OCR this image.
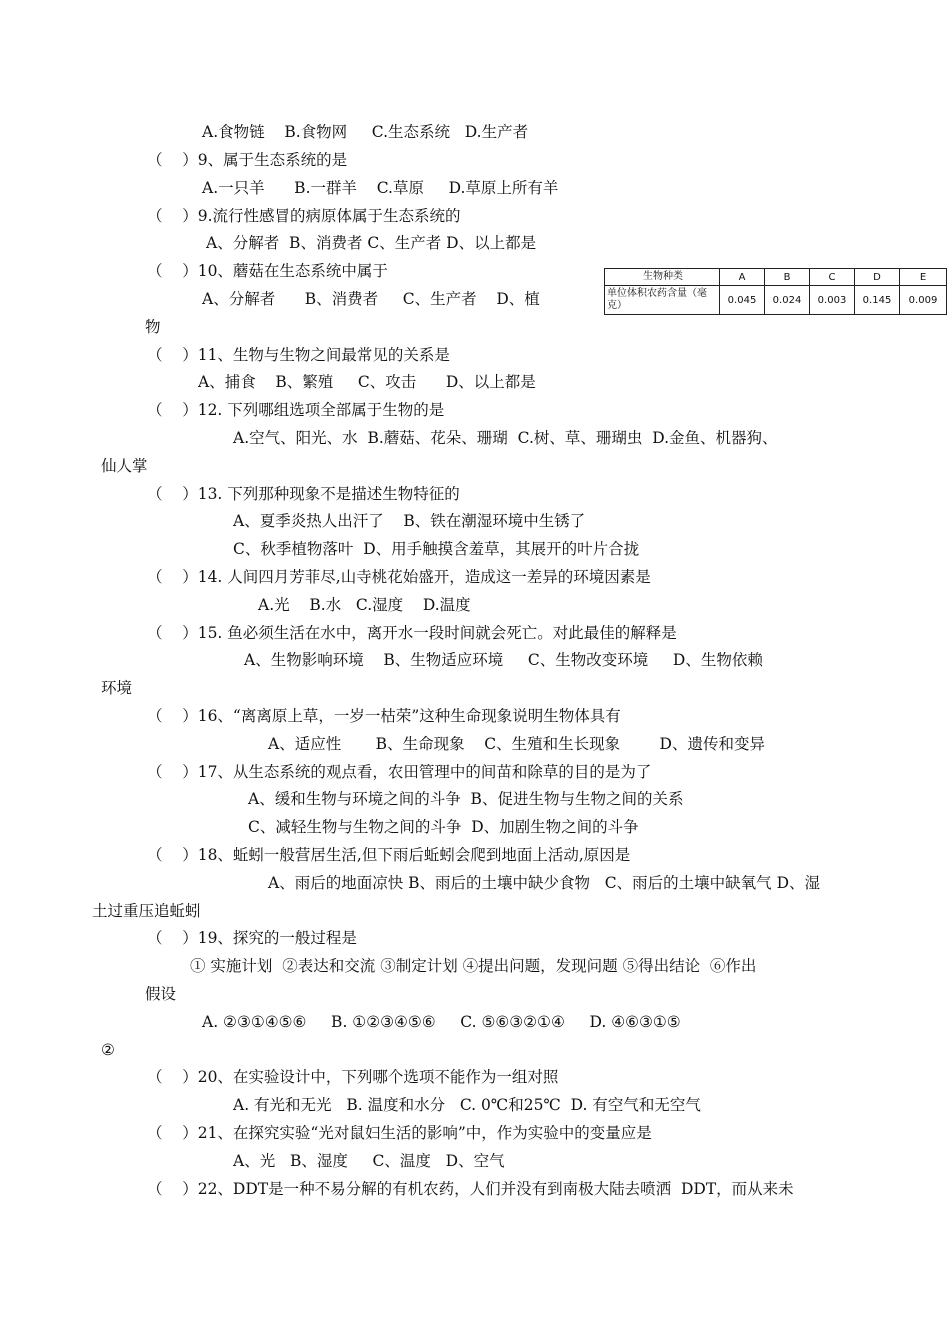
A.食物链    B.食物网     C.生态系统   D.生产者
（    ）9、属于生态系统的是
A.一只羊      B.一群羊    C.草原     D.草原上所有羊
（    ）9.流行性感冒的病原体属于生态系统的
A、分解者  B、消费者 C、生产者 D、以上都是
（    ）10、蘑菇在生态系统中属于
A、分解者      B、消费者     C、生产者    D、植
物
（    ）11、生物与生物之间最常见的关系是
A、捕食    B、繁殖     C、攻击      D、以上都是
（    ）12. 下列哪组选项全部属于生物的是
A.空气、阳光、水  B.蘑菇、花朵、珊瑚  C.树、草、珊瑚虫  D.金鱼、机器狗、
仙人掌
（    ）13. 下列那种现象不是描述生物特征的
A、夏季炎热人出汗了    B、铁在潮湿环境中生锈了
C、秋季植物落叶  D、用手触摸含羞草，其展开的叶片合拢
（    ）14. 人间四月芳菲尽,山寺桃花始盛开，造成这一差异的环境因素是
A.光    B.水   C.湿度    D.温度
（    ）15. 鱼必须生活在水中，离开水一段时间就会死亡。对此最佳的解释是
A、生物影响环境    B、生物适应环境     C、生物改变环境     D、生物依赖
环境
（    ）16、“离离原上草，一岁一枯荣”这种生命现象说明生物体具有
A、适应性       B、生命现象    C、生殖和生长现象        D、遗传和变异
（    ）17、从生态系统的观点看，农田管理中的间苗和除草的目的是为了
A、缓和生物与环境之间的斗争  B、促进生物与生物之间的关系
C、减轻生物与生物之间的斗争  D、加剧生物之间的斗争
（    ）18、蚯蚓一般营居生活,但下雨后蚯蚓会爬到地面上活动,原因是
A、雨后的地面凉快 B、雨后的土壤中缺少食物   C、雨后的土壤中缺氧气 D、湿
土过重压追蚯蚓
（    ）19、探究的一般过程是
① 实施计划  ②表达和交流 ③制定计划 ④提出问题，发现问题 ⑤得出结论  ⑥作出
假设
A. ②③①④⑤⑥     B. ①②③④⑤⑥     C. ⑤⑥③②①④     D. ④⑥③①⑤
②
（    ）20、在实验设计中，下列哪个选项不能作为一组对照
A. 有光和无光   B. 温度和水分   C. 0℃和25℃  D. 有空气和无空气
（    ）21、在探究实验“光对鼠妇生活的影响”中，作为实验中的变量应是
A、光   B、湿度     C、温度   D、空气
（    ）22、DDT是一种不易分解的有机农药，人们并没有到南极大陆去喷洒  DDT，而从来未
生物种类	A	B	C	D	E
单位体积农药含量（毫克）	0.045	0.024	0.003	0.145	0.009
